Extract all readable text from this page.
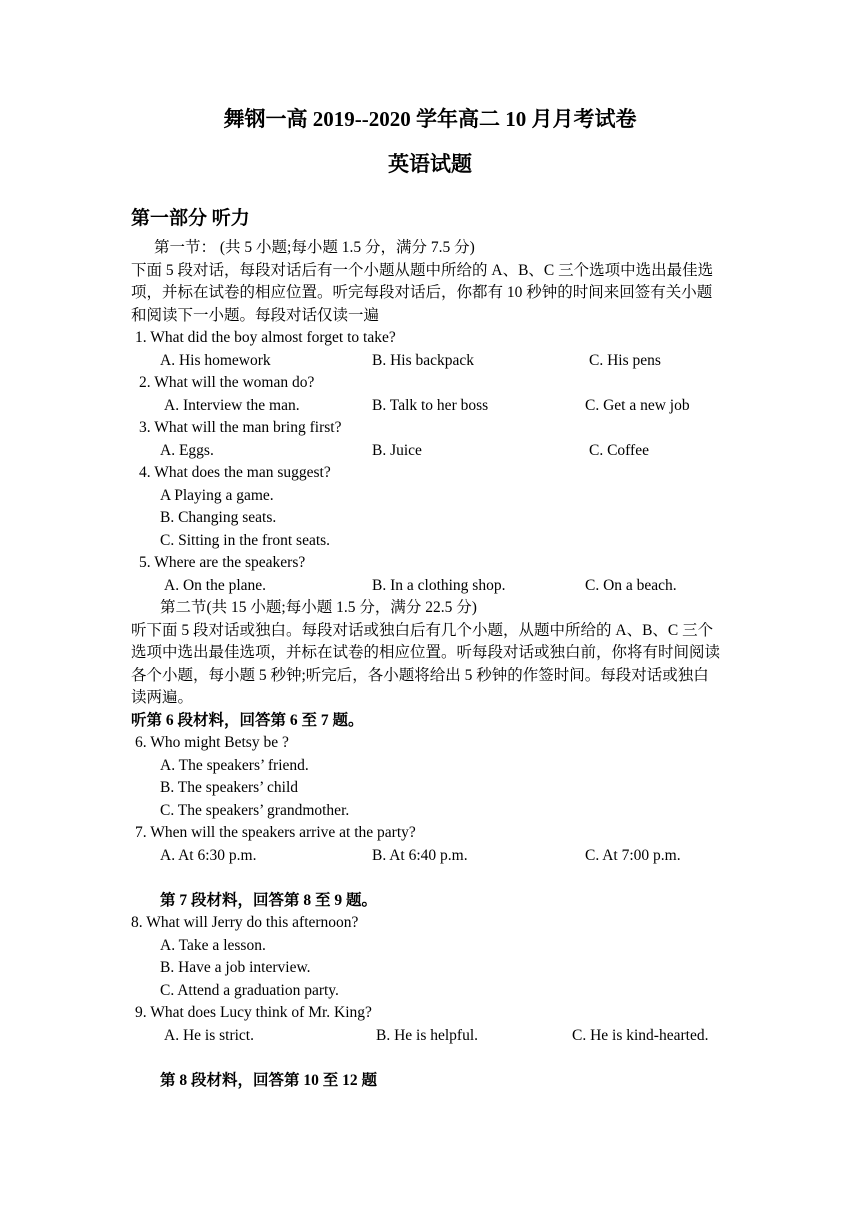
舞钢一高 2019--2020 学年高二 10 月月考试卷
英语试题
第一部分 听力
第一节： (共 5 小题;每小题 1.5 分，满分 7.5 分)
下面 5 段对话，每段对话后有一个小题从题中所给的 A、B、C 三个选项中选出最佳选
项，并标在试卷的相应位置。听完每段对话后，你都有 10 秒钟的时间来回签有关小题
和阅读下一小题。每段对话仅读一遍
1. What did the boy almost forget to take?
A. His homework	B. His backpack	C. His pens
2. What will the woman do?
A. Interview the man.	B. Talk to her boss	C. Get a new job
3. What will the man bring first?
A. Eggs.	B. Juice	C. Coffee
4. What does the man suggest?
A Playing a game.
B. Changing seats.
C. Sitting in the front seats.
5. Where are the speakers?
A. On the plane.	B. In a clothing shop.	C. On a beach.
第二节(共 15 小题;每小题 1.5 分，满分 22.5 分)
听下面 5 段对话或独白。每段对话或独白后有几个小题，从题中所给的 A、B、C 三个
选项中选出最佳选项，并标在试卷的相应位置。听每段对话或独白前，你将有时间阅读
各个小题，每小题 5 秒钟;听完后，各小题将给出 5 秒钟的作签时间。每段对话或独白
读两遍。
听第 6 段材料，回答第 6 至 7 题。
6. Who might Betsy be ?
A. The speakers’ friend.
B. The speakers’ child
C. The speakers’ grandmother.
7. When will the speakers arrive at the party?
A. At 6:30 p.m.	B. At 6:40 p.m.	C. At 7:00 p.m.
第 7 段材料，回答第 8 至 9 题。
8. What will Jerry do this afternoon?
A. Take a lesson.
B. Have a job interview.
C. Attend a graduation party.
9. What does Lucy think of Mr. King?
A. He is strict.	B. He is helpful.	C. He is kind-hearted.
第 8 段材料，回答第 10 至 12 题
